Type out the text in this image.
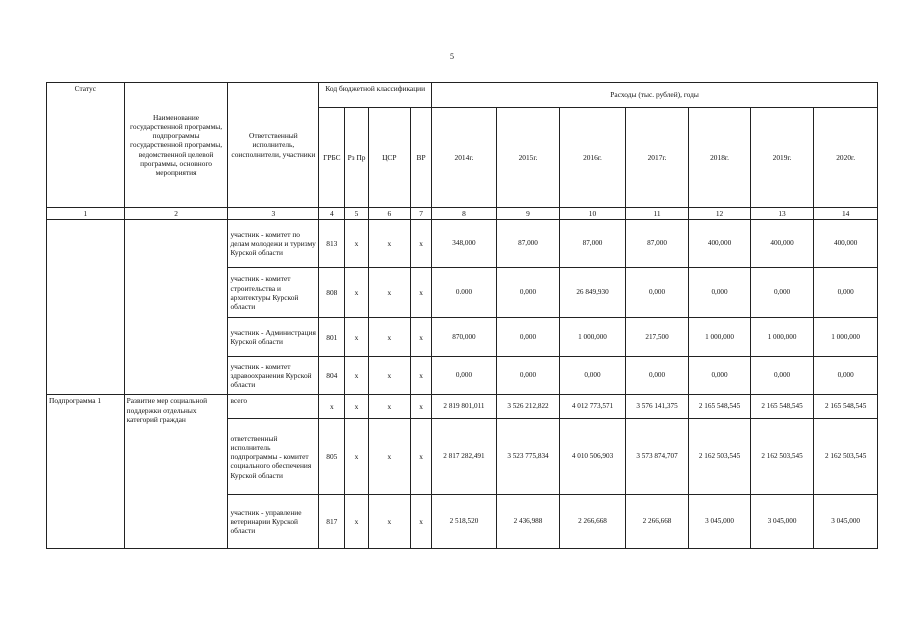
5
Статус	Наименование государственной программы, подпрограммы государственной программы, ведомственной целевой программы, основного мероприятия	Ответственный исполнитель, соисполнители, участники	Код бюджетной классификации				Расходы (тыс. рублей), годы						
			ГРБС	Рз Пр	ЦСР	ВР	2014г.	2015г.	2016г.	2017г.	2018г.	2019г.	2020г.
1	2	3	4	5	6	7	8	9	10	11	12	13	14
		участник - комитет по делам молодежи и туризму Курской области	813	x	x	x	348,000	87,000	87,000	87,000	400,000	400,000	400,000
		участник - комитет строительства и архитектуры Курской области	808	x	x	x	0.000	0,000	26 849,930	0,000	0,000	0,000	0,000
		участник - Администрация Курской области	801	x	x	x	870,000	0,000	1 000,000	217,500	1 000,000	1 000,000	1 000,000
		участник - комитет здравоохранения Курской области	804	x	x	x	0,000	0,000	0,000	0,000	0,000	0,000	0,000
Подпрограмма 1	Развитие мер социальной поддержки отдельных категорий граждан	всего	x	x	x	x	2 819 801,011	3 526 212,822	4 012 773,571	3 576 141,375	2 165 548,545	2 165 548,545	2 165 548,545
		ответственный исполнитель подпрограммы - комитет социального обеспечения Курской области	805	x	x	x	2 817 282,491	3 523 775,834	4 010 506,903	3 573 874,707	2 162 503,545	2 162 503,545	2 162 503,545
		участник - управление ветеринарии Курской области	817	x	x	x	2 518,520	2 436,988	2 266,668	2 266,668	3 045,000	3 045,000	3 045,000
